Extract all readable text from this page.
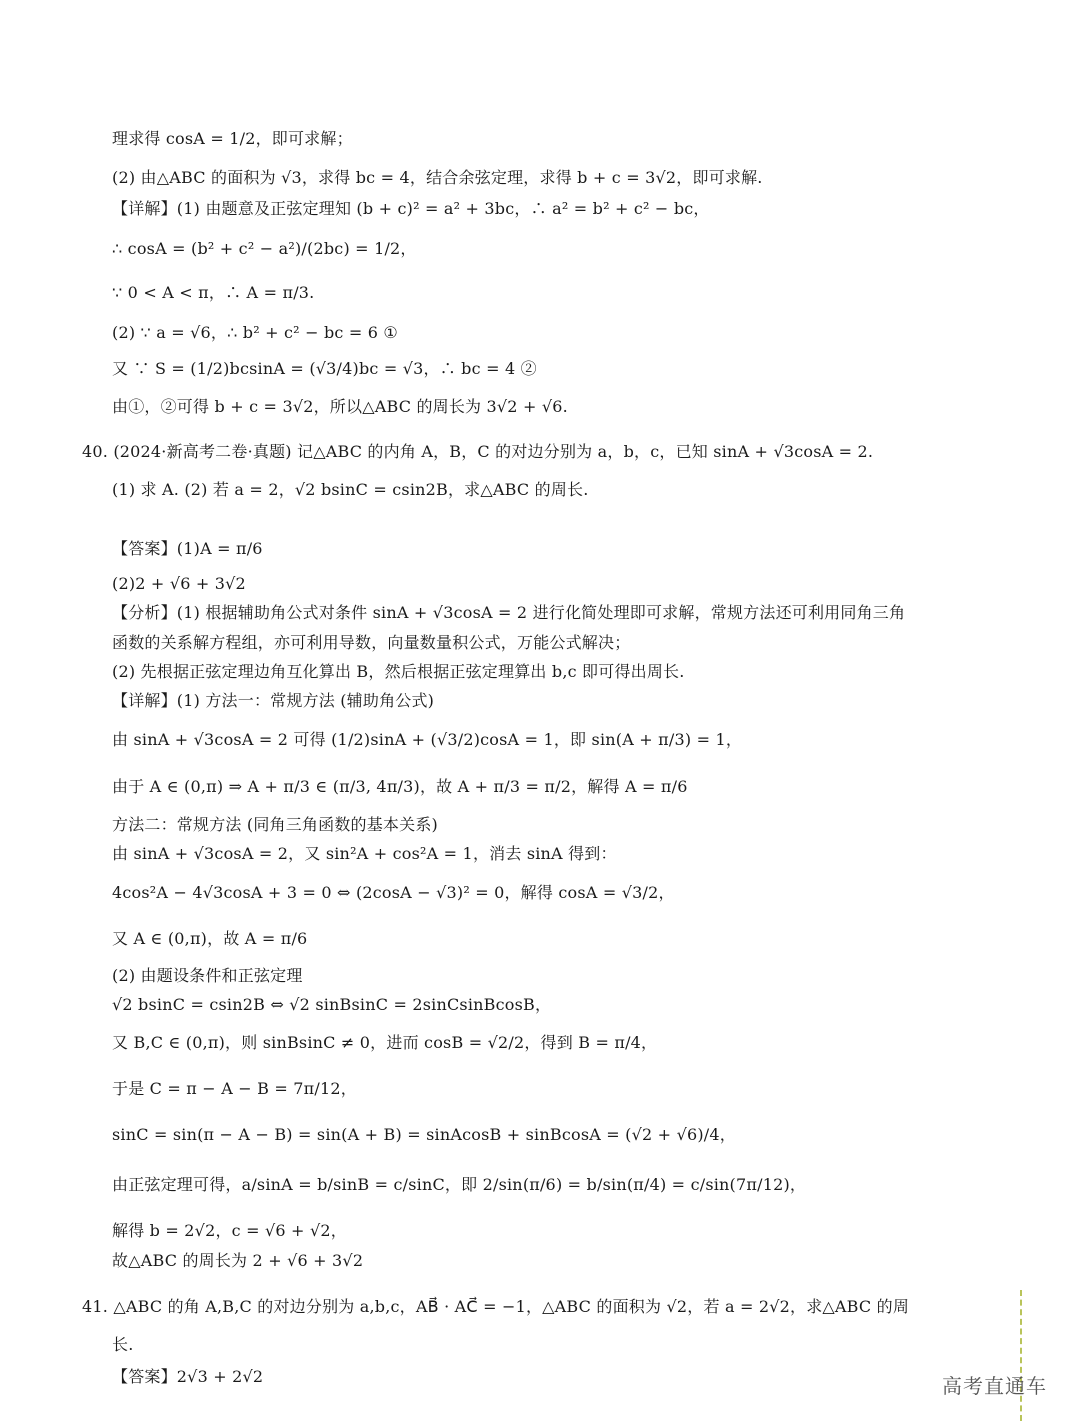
理求得 cosA = 1/2，即可求解；
(2) 由△ABC 的面积为 √3，求得 bc = 4，结合余弦定理，求得 b + c = 3√2，即可求解.
【详解】(1) 由题意及正弦定理知 (b + c)² = a² + 3bc，∴ a² = b² + c² − bc，
∴ cosA = (b² + c² − a²)/(2bc) = 1/2，
∵ 0 < A < π，∴ A = π/3.
(2) ∵ a = √6，∴ b² + c² − bc = 6 ①
又 ∵ S = (1/2)bcsinA = (√3/4)bc = √3，∴ bc = 4 ②
由①，②可得 b + c = 3√2，所以△ABC 的周长为 3√2 + √6.
40. (2024·新高考二卷·真题) 记△ABC 的内角 A，B，C 的对边分别为 a，b，c，已知 sinA + √3cosA = 2.
(1) 求 A. (2) 若 a = 2，√2 bsinC = csin2B，求△ABC 的周长.
【答案】(1)A = π/6
(2)2 + √6 + 3√2
【分析】(1) 根据辅助角公式对条件 sinA + √3cosA = 2 进行化简处理即可求解，常规方法还可利用同角三角
函数的关系解方程组，亦可利用导数，向量数量积公式，万能公式解决；
(2) 先根据正弦定理边角互化算出 B，然后根据正弦定理算出 b,c 即可得出周长.
【详解】(1) 方法一：常规方法 (辅助角公式)
由 sinA + √3cosA = 2 可得 (1/2)sinA + (√3/2)cosA = 1，即 sin(A + π/3) = 1，
由于 A ∈ (0,π) ⇒ A + π/3 ∈ (π/3, 4π/3)，故 A + π/3 = π/2，解得 A = π/6
方法二：常规方法 (同角三角函数的基本关系)
由 sinA + √3cosA = 2，又 sin²A + cos²A = 1，消去 sinA 得到：
4cos²A − 4√3cosA + 3 = 0 ⇔ (2cosA − √3)² = 0，解得 cosA = √3/2，
又 A ∈ (0,π)，故 A = π/6
(2) 由题设条件和正弦定理
√2 bsinC = csin2B ⇔ √2 sinBsinC = 2sinCsinBcosB，
又 B,C ∈ (0,π)，则 sinBsinC ≠ 0，进而 cosB = √2/2，得到 B = π/4，
于是 C = π − A − B = 7π/12，
sinC = sin(π − A − B) = sin(A + B) = sinAcosB + sinBcosA = (√2 + √6)/4，
由正弦定理可得，a/sinA = b/sinB = c/sinC，即 2/sin(π/6) = b/sin(π/4) = c/sin(7π/12)，
解得 b = 2√2，c = √6 + √2，
故△ABC 的周长为 2 + √6 + 3√2
41. △ABC 的角 A,B,C 的对边分别为 a,b,c，AB⃗ · AC⃗ = −1，△ABC 的面积为 √2，若 a = 2√2，求△ABC 的周
长.
【答案】2√3 + 2√2	高考直通车
